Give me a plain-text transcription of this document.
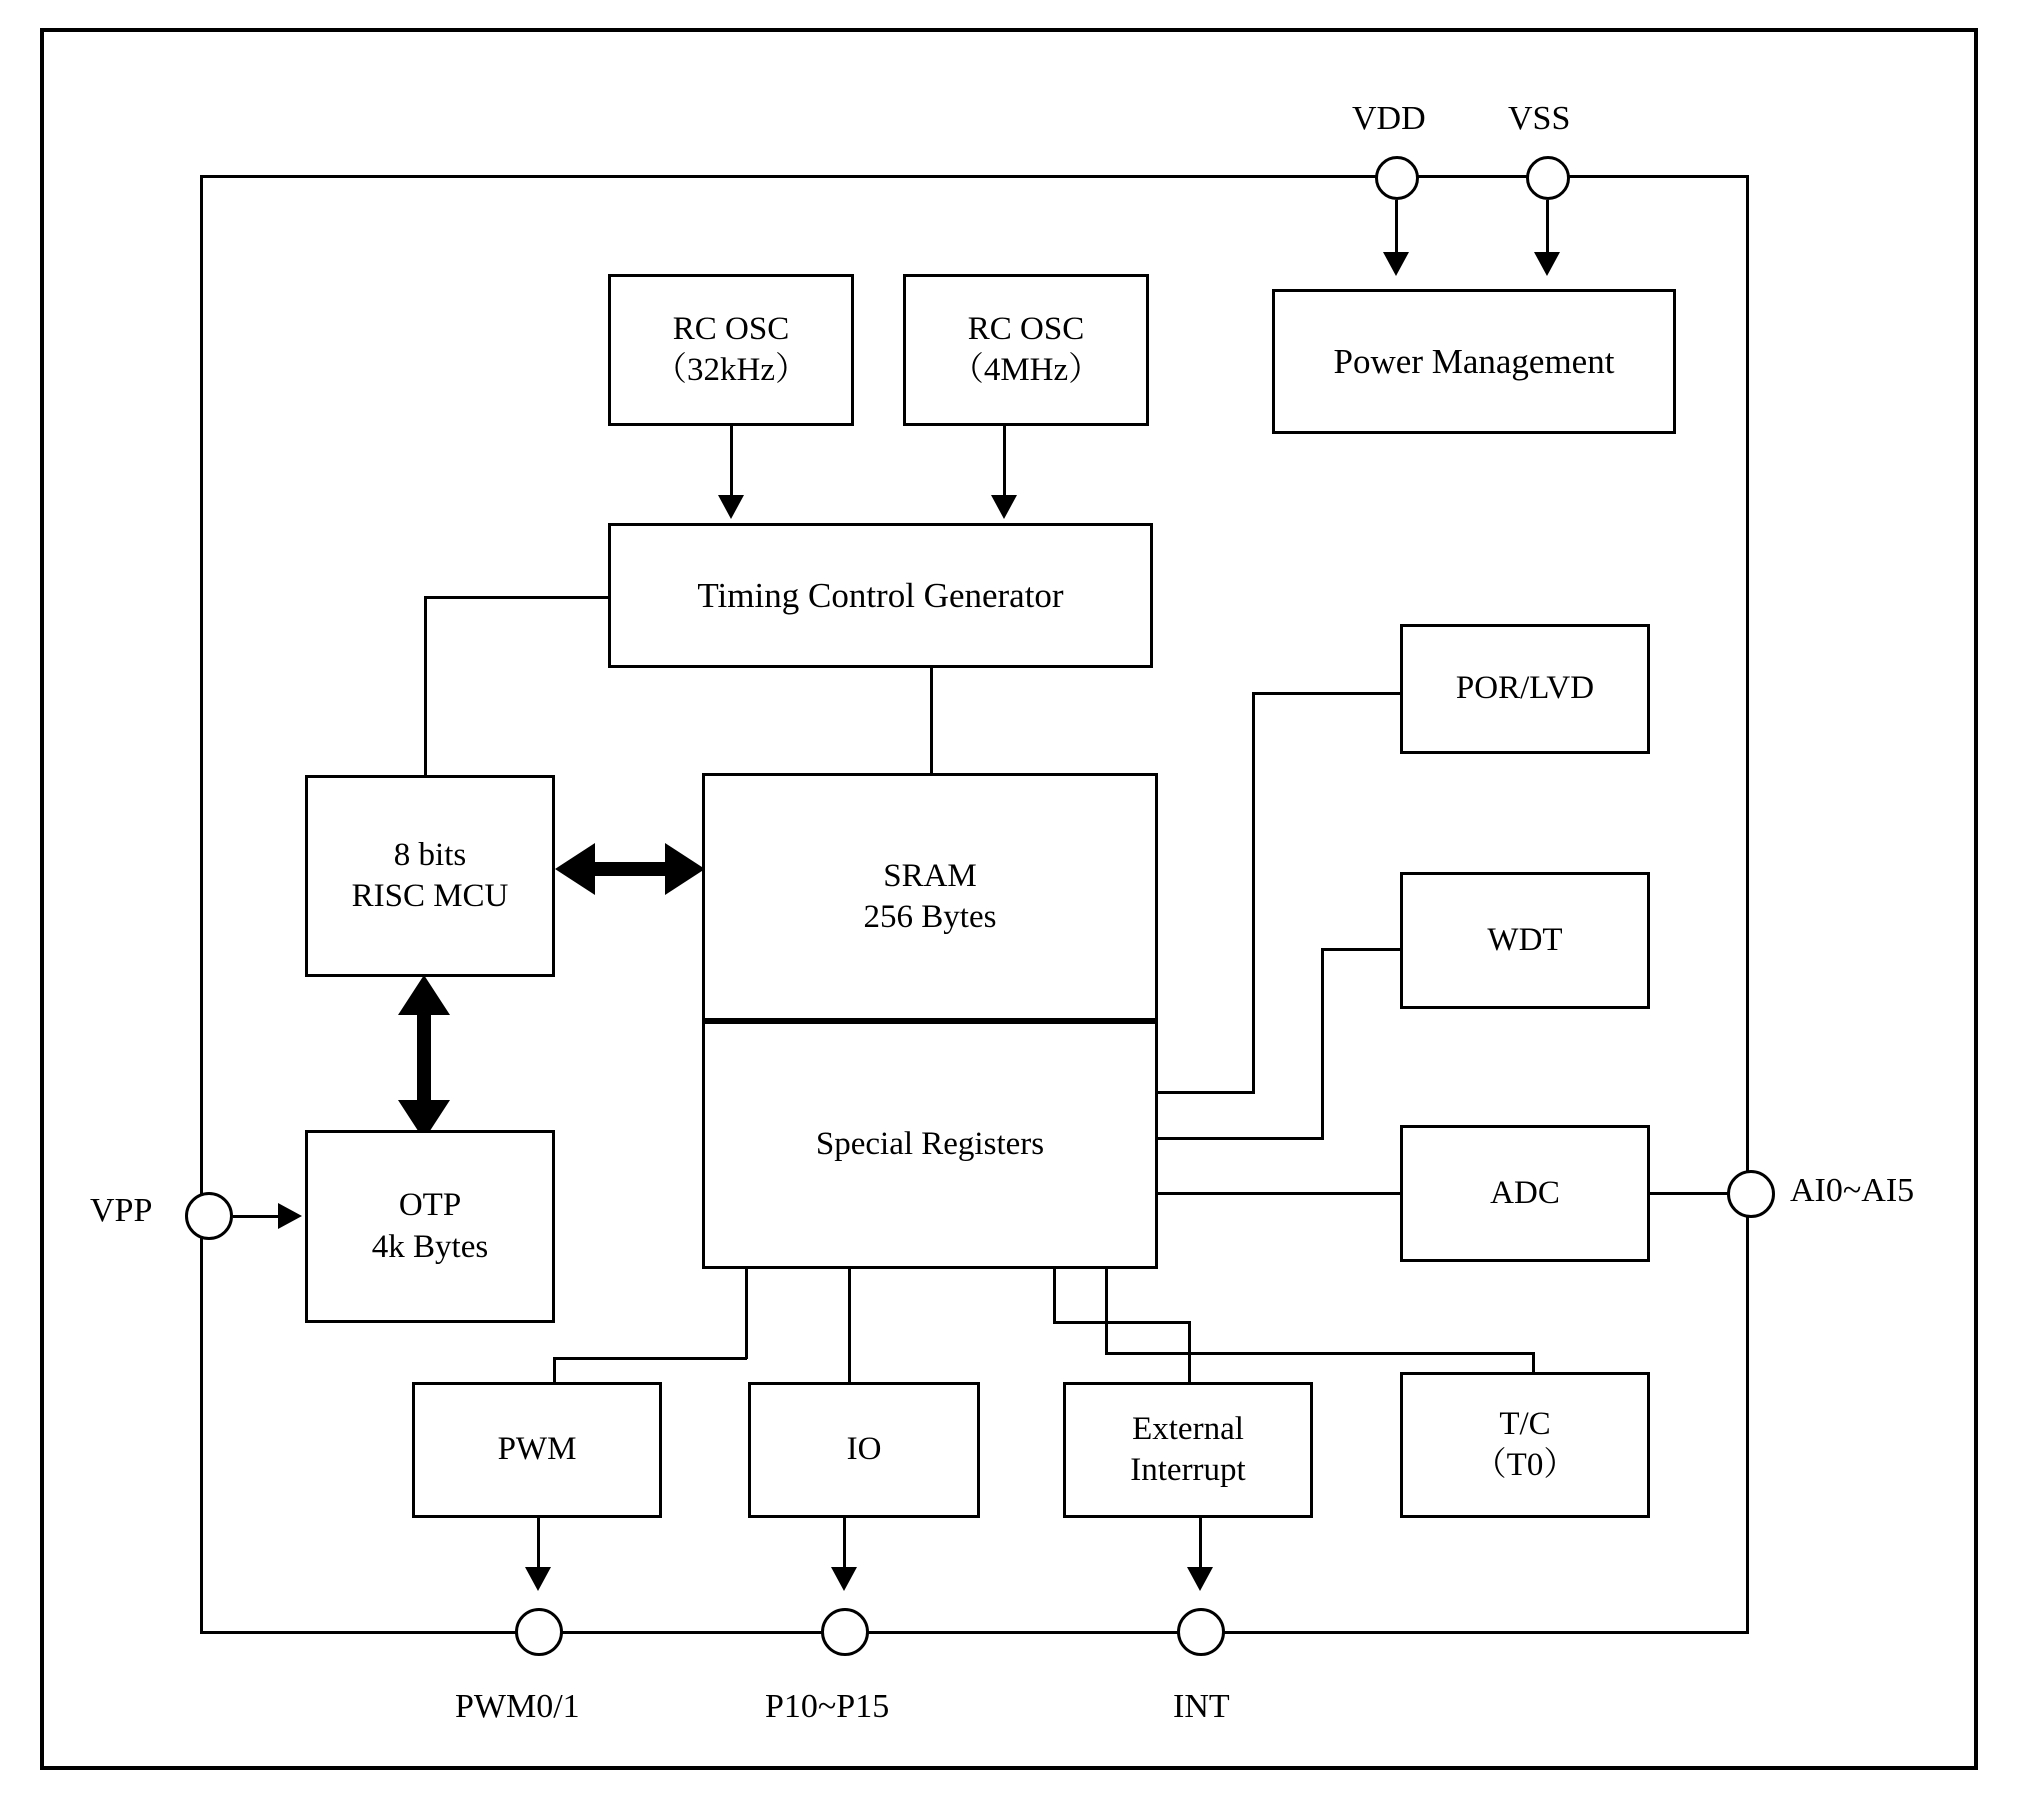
VDD VSS
RC OSC
（32kHz）
RC OSC
（4MHz）	Power Management
Timing Control Generator
POR/LVD
WDT
ADC
8 bits
RISC MCU
SRAM
256 Bytes
Special Registers
OTP
4k Bytes
VPP
AI0~AI5
PWM	IO
External
Interrupt
T/C
（T0）
PWM0/1	P10~P15	INT
